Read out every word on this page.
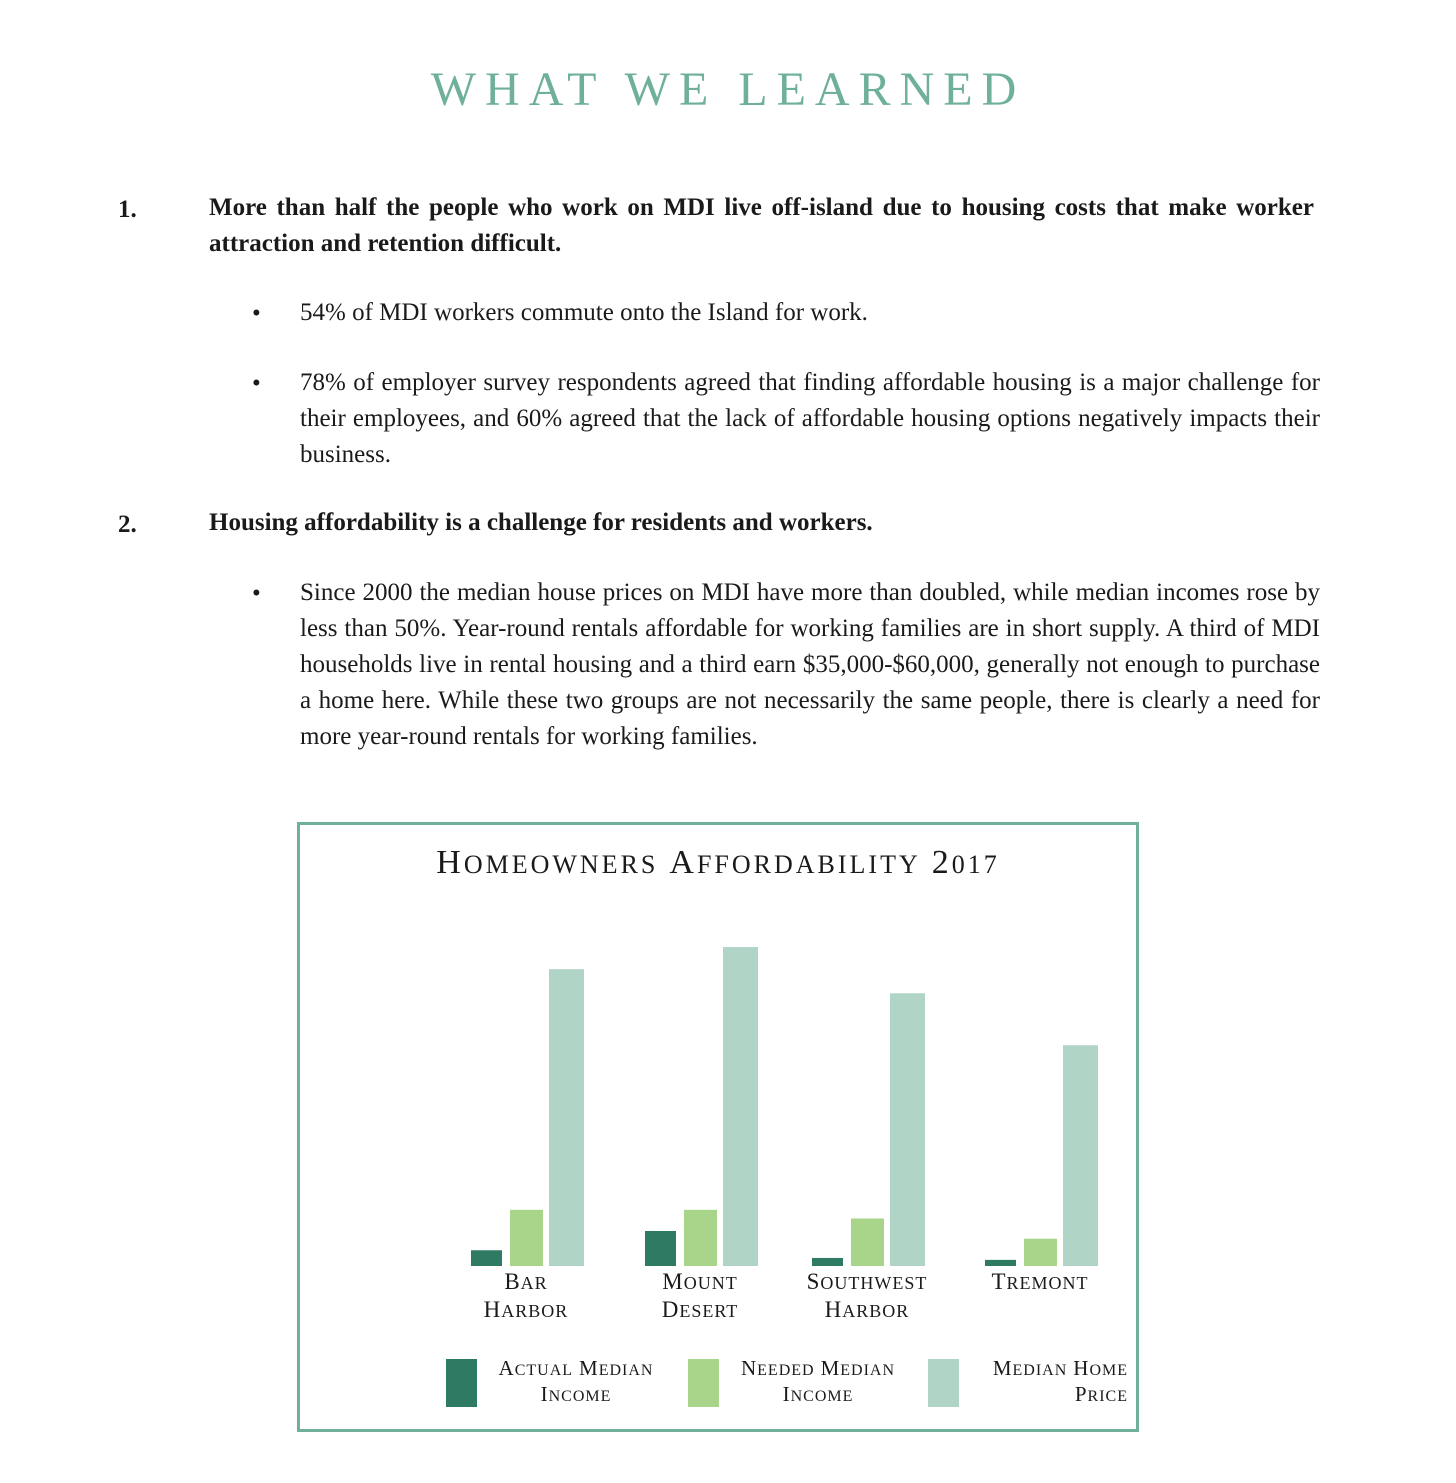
WHAT WE LEARNED
1.	More than half the people who work on MDI live off-island due to housing costs that make worker attraction and retention difficult.
• 54% of MDI workers commute onto the Island for work.
• 78% of employer survey respondents agreed that finding affordable housing is a major challenge for their employees, and 60% agreed that the lack of affordable housing options negatively impacts their business.
2.	Housing affordability is a challenge for residents and workers.
• Since 2000 the median house prices on MDI have more than doubled, while median incomes rose by less than 50%. Year-round rentals affordable for working families are in short supply. A third of MDI households live in rental housing and a third earn $35,000-$60,000, generally not enough to purchase a home here. While these two groups are not necessarily the same people, there is clearly a need for more year-round rentals for working families.
HOMEOWNERS AFFORDABILITY 2017
BAR
HARBOR
MOUNT
DESERT
SOUTHWEST
HARBOR
TREMONT
ACTUAL MEDIAN
INCOME
NEEDED MEDIAN
INCOME
MEDIAN HOME
PRICE
